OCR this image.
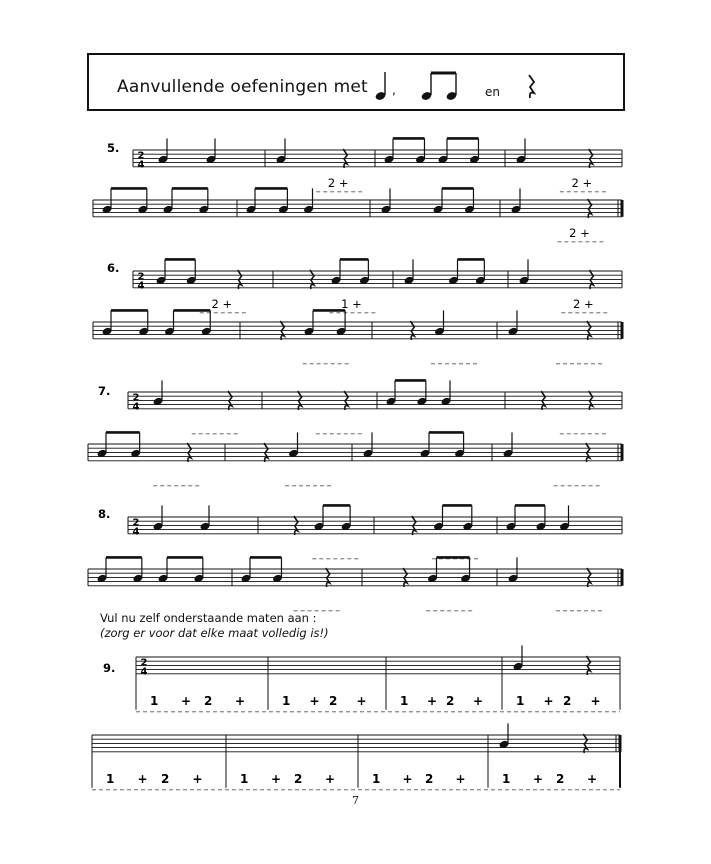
5.
2
4
2 +	2 +
2 +
6.
2
4
2 +	1 +	2 +
7. 2
4
8.
2
4
9.	2
4
1 + 2 +	1 + 2 +	1 + 2 +	1 + 2 +
1 + 2 +	1 + 2 +	1 + 2 +	1 + 2 +
Aanvullende oefeningen met ,	en
Vul nu zelf onderstaande maten aan :
(zorg er voor dat elke maat volledig is!)
7
